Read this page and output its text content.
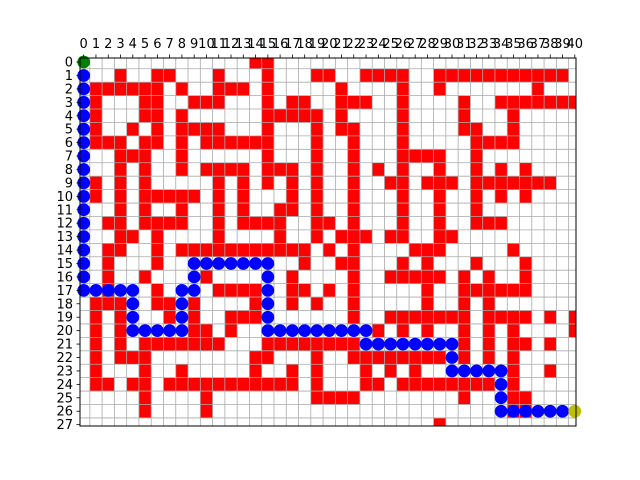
0 1 2 3 4 5 6 7 8 9 10
11
12
13
14
15
16
17
18
19
20
21
22
23
24
25
26
27
28
29
30
31
32
33
34
35
36
37
38
39
40
0
1
2
3
4
5
6
7
8
9
10
11
12
13
14
15
16
17
18
19
20
21
22
23
24
25
26
27
